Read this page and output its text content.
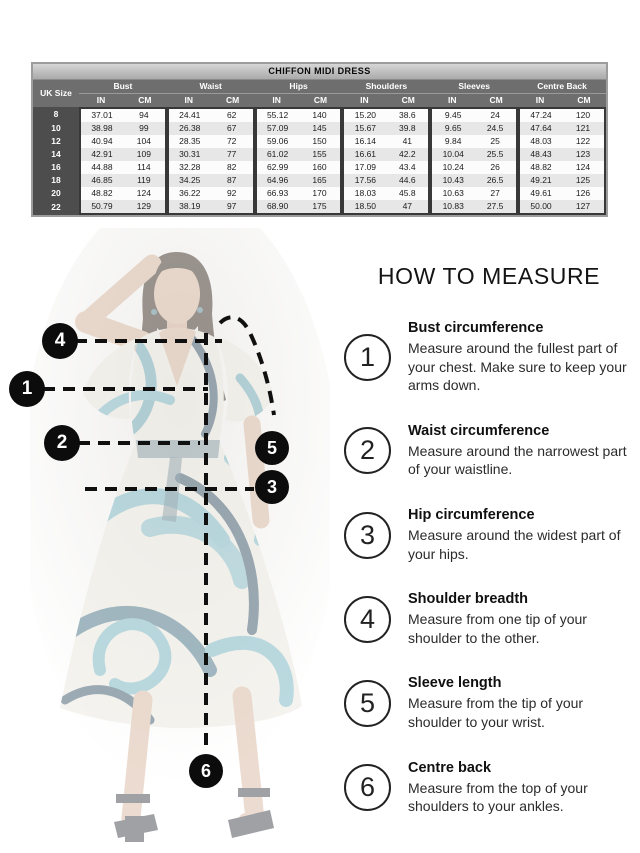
CHIFFON MIDI DRESS
UK Size	Bust		Waist		Hips		Shoulders		Sleeves		Centre Back	
	IN	CM	IN	CM	IN	CM	IN	CM	IN	CM	IN	CM
8	37.01	94	24.41	62	55.12	140	15.20	38.6	9.45	24	47.24	120
10	38.98	99	26.38	67	57.09	145	15.67	39.8	9.65	24.5	47.64	121
12	40.94	104	28.35	72	59.06	150	16.14	41	9.84	25	48.03	122
14	42.91	109	30.31	77	61.02	155	16.61	42.2	10.04	25.5	48.43	123
16	44.88	114	32.28	82	62.99	160	17.09	43.4	10.24	26	48.82	124
18	46.85	119	34.25	87	64.96	165	17.56	44.6	10.43	26.5	49.21	125
20	48.82	124	36.22	92	66.93	170	18.03	45.8	10.63	27	49.61	126
22	50.79	129	38.19	97	68.90	175	18.50	47	10.83	27.5	50.00	127
4
1
2	5
3
6
HOW TO MEASURE
1
Bust circumference
Measure around the fullest part of your chest. Make sure to keep your arms down.
2
Waist circumference
Measure around the narrowest part of your waistline.
3
Hip circumference
Measure around the widest part of your hips.
4
Shoulder breadth
Measure from one tip of your shoulder to the other.
5
Sleeve length
Measure from the tip of your shoulder to your wrist.
6
Centre back
Measure from the top of your shoulders to your ankles.
